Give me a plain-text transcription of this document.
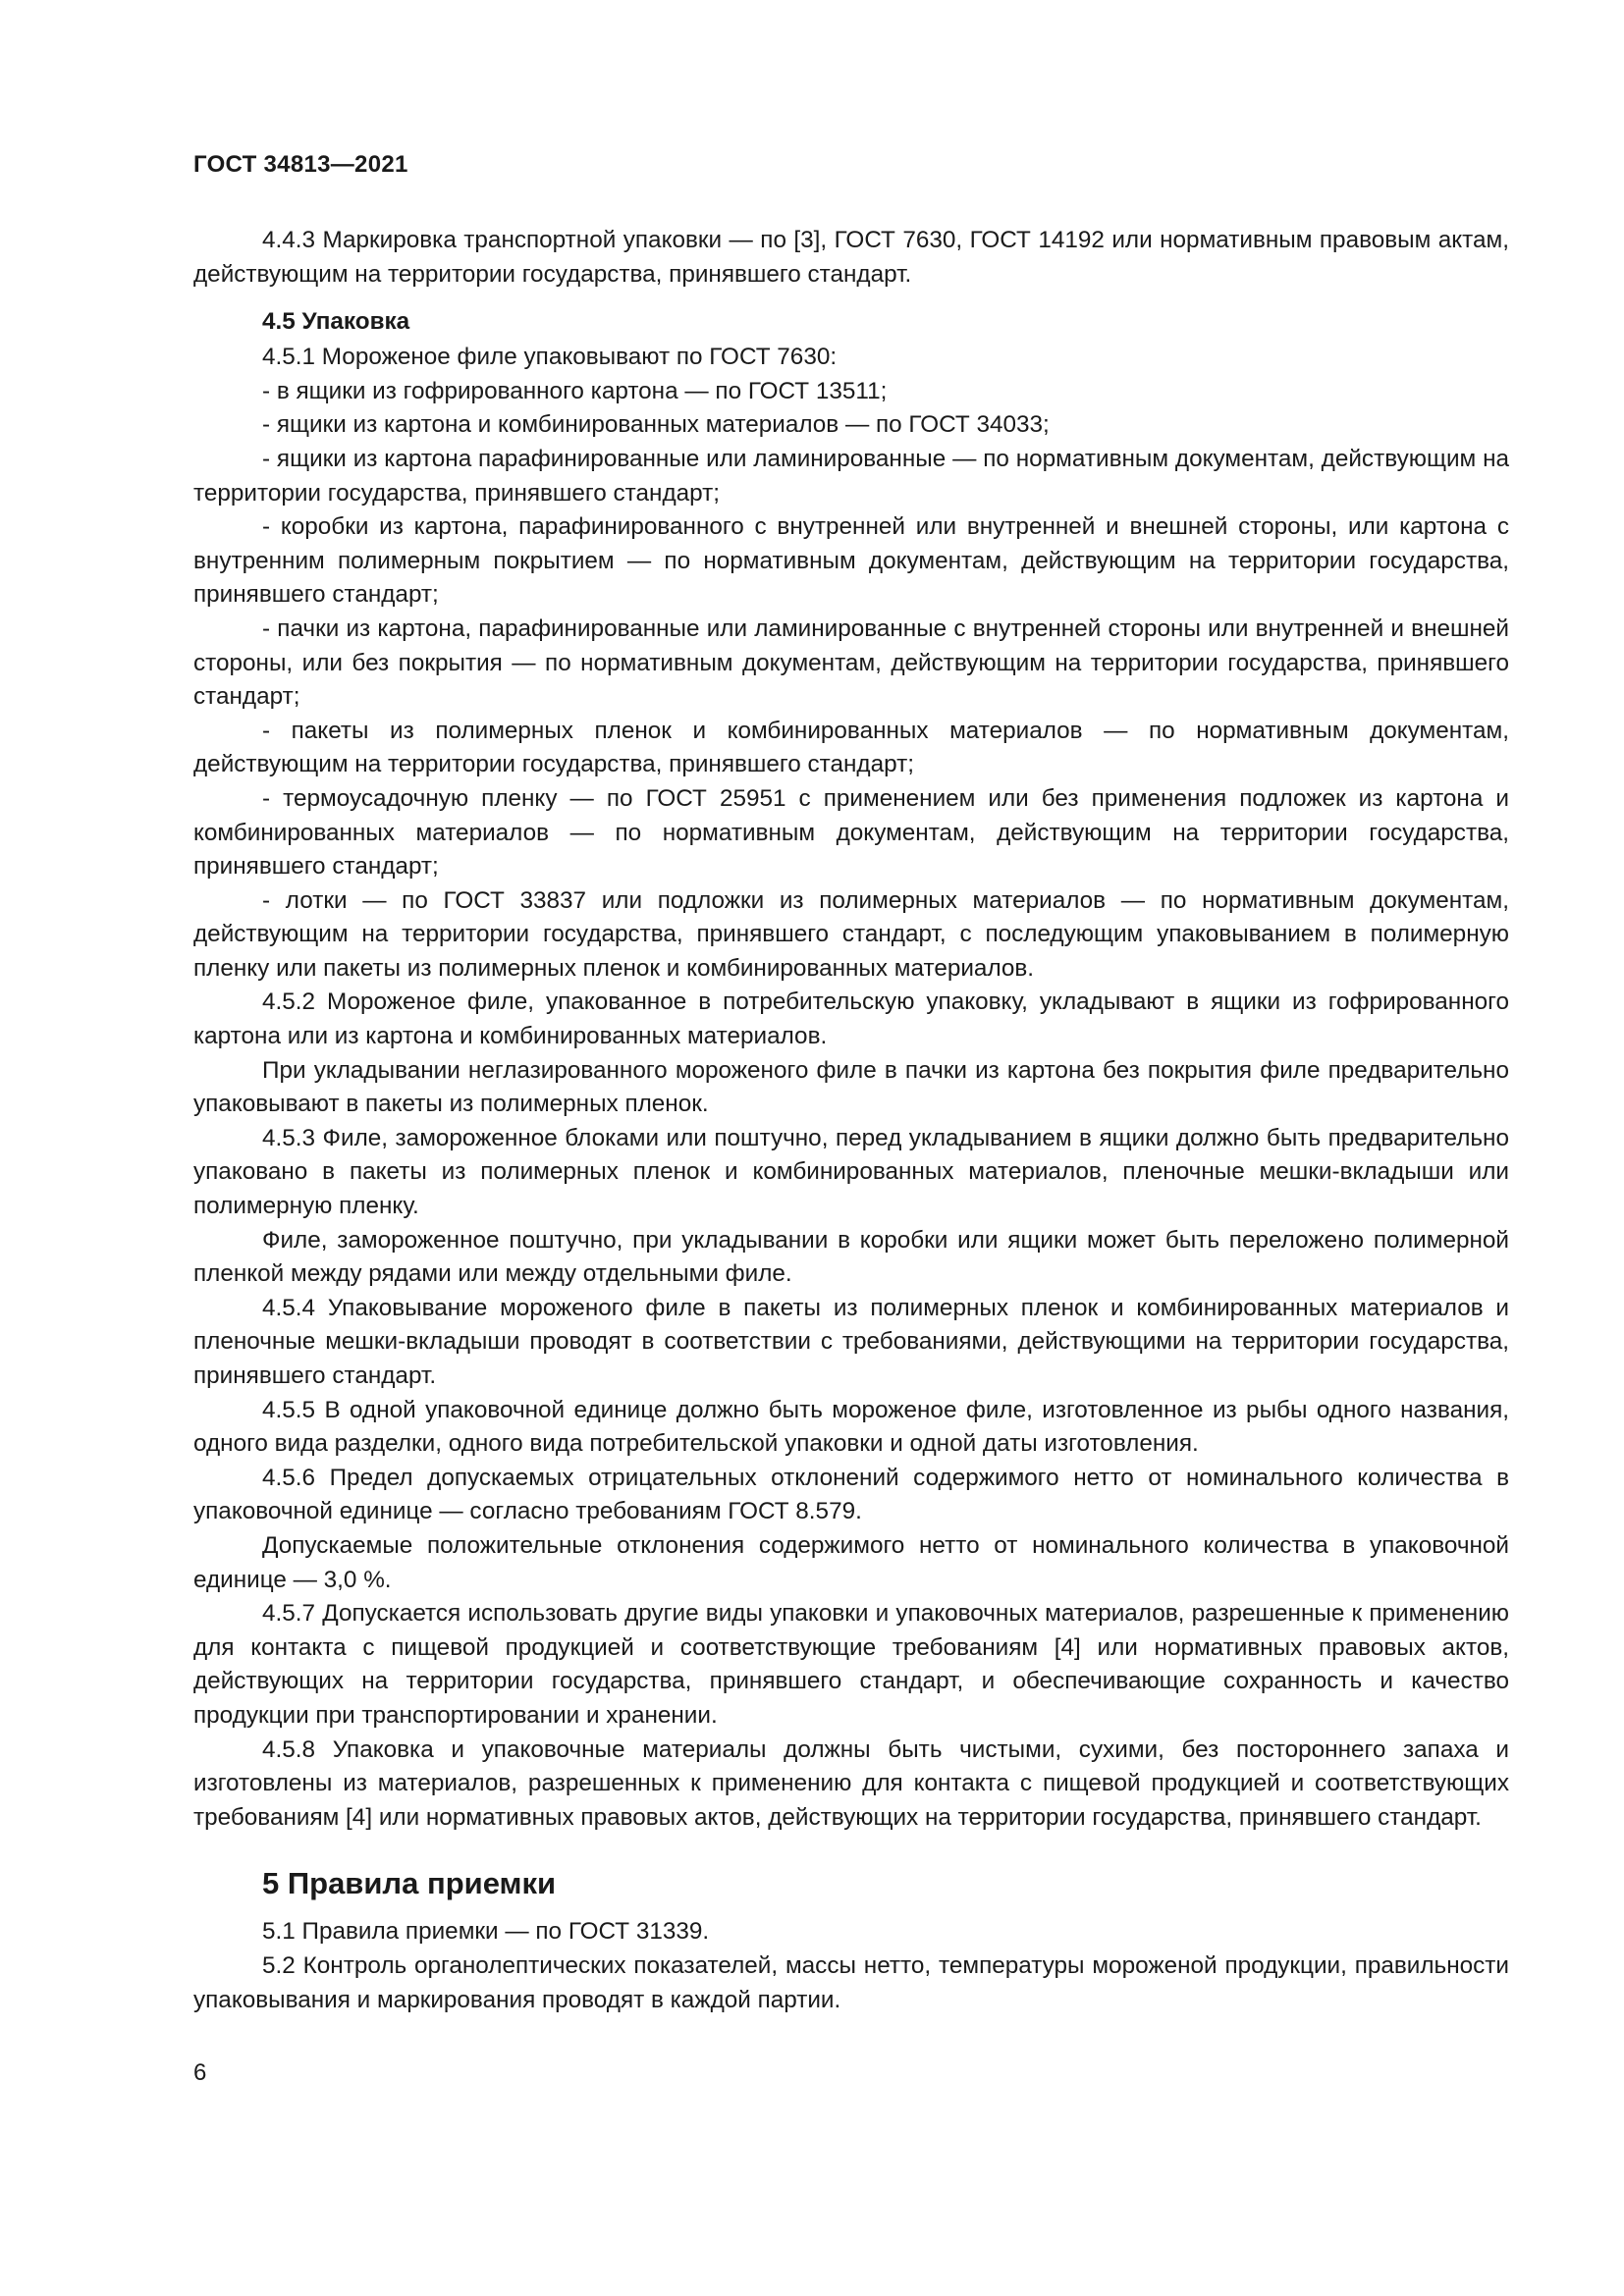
ГОСТ 34813—2021

4.4.3 Маркировка транспортной упаковки — по [3], ГОСТ 7630, ГОСТ 14192 или нормативным правовым актам, действующим на территории государства, принявшего стандарт.

4.5 Упаковка

4.5.1 Мороженое филе упаковывают по ГОСТ 7630:

- в ящики из гофрированного картона — по ГОСТ 13511;

- ящики из картона и комбинированных материалов — по ГОСТ 34033;

- ящики из картона парафинированные или ламинированные — по нормативным документам, действующим на территории государства, принявшего стандарт;

- коробки из картона, парафинированного с внутренней или внутренней и внешней стороны, или картона с внутренним полимерным покрытием — по нормативным документам, действующим на территории государства, принявшего стандарт;

- пачки из картона, парафинированные или ламинированные с внутренней стороны или внутренней и внешней стороны, или без покрытия — по нормативным документам, действующим на территории государства, принявшего стандарт;

- пакеты из полимерных пленок и комбинированных материалов — по нормативным документам, действующим на территории государства, принявшего стандарт;

- термоусадочную пленку — по ГОСТ 25951 с применением или без применения подложек из картона и комбинированных материалов — по нормативным документам, действующим на территории государства, принявшего стандарт;

- лотки — по ГОСТ 33837 или подложки из полимерных материалов — по нормативным документам, действующим на территории государства, принявшего стандарт, с последующим упаковыванием в полимерную пленку или пакеты из полимерных пленок и комбинированных материалов.

4.5.2 Мороженое филе, упакованное в потребительскую упаковку, укладывают в ящики из гофрированного картона или из картона и комбинированных материалов.

При укладывании неглазированного мороженого филе в пачки из картона без покрытия филе предварительно упаковывают в пакеты из полимерных пленок.

4.5.3 Филе, замороженное блоками или поштучно, перед укладыванием в ящики должно быть предварительно упаковано в пакеты из полимерных пленок и комбинированных материалов, пленочные мешки-вкладыши или полимерную пленку.

Филе, замороженное поштучно, при укладывании в коробки или ящики может быть переложено полимерной пленкой между рядами или между отдельными филе.

4.5.4 Упаковывание мороженого филе в пакеты из полимерных пленок и комбинированных материалов и пленочные мешки-вкладыши проводят в соответствии с требованиями, действующими на территории государства, принявшего стандарт.

4.5.5 В одной упаковочной единице должно быть мороженое филе, изготовленное из рыбы одного названия, одного вида разделки, одного вида потребительской упаковки и одной даты изготовления.

4.5.6 Предел допускаемых отрицательных отклонений содержимого нетто от номинального количества в упаковочной единице — согласно требованиям ГОСТ 8.579.

Допускаемые положительные отклонения содержимого нетто от номинального количества в упаковочной единице — 3,0 %.

4.5.7 Допускается использовать другие виды упаковки и упаковочных материалов, разрешенные к применению для контакта с пищевой продукцией и соответствующие требованиям [4] или нормативных правовых актов, действующих на территории государства, принявшего стандарт, и обеспечивающие сохранность и качество продукции при транспортировании и хранении.

4.5.8 Упаковка и упаковочные материалы должны быть чистыми, сухими, без постороннего запаха и изготовлены из материалов, разрешенных к применению для контакта с пищевой продукцией и соответствующих требованиям [4] или нормативных правовых актов, действующих на территории государства, принявшего стандарт.

5 Правила приемки

5.1 Правила приемки — по ГОСТ 31339.

5.2 Контроль органолептических показателей, массы нетто, температуры мороженой продукции, правильности упаковывания и маркирования проводят в каждой партии.

6
